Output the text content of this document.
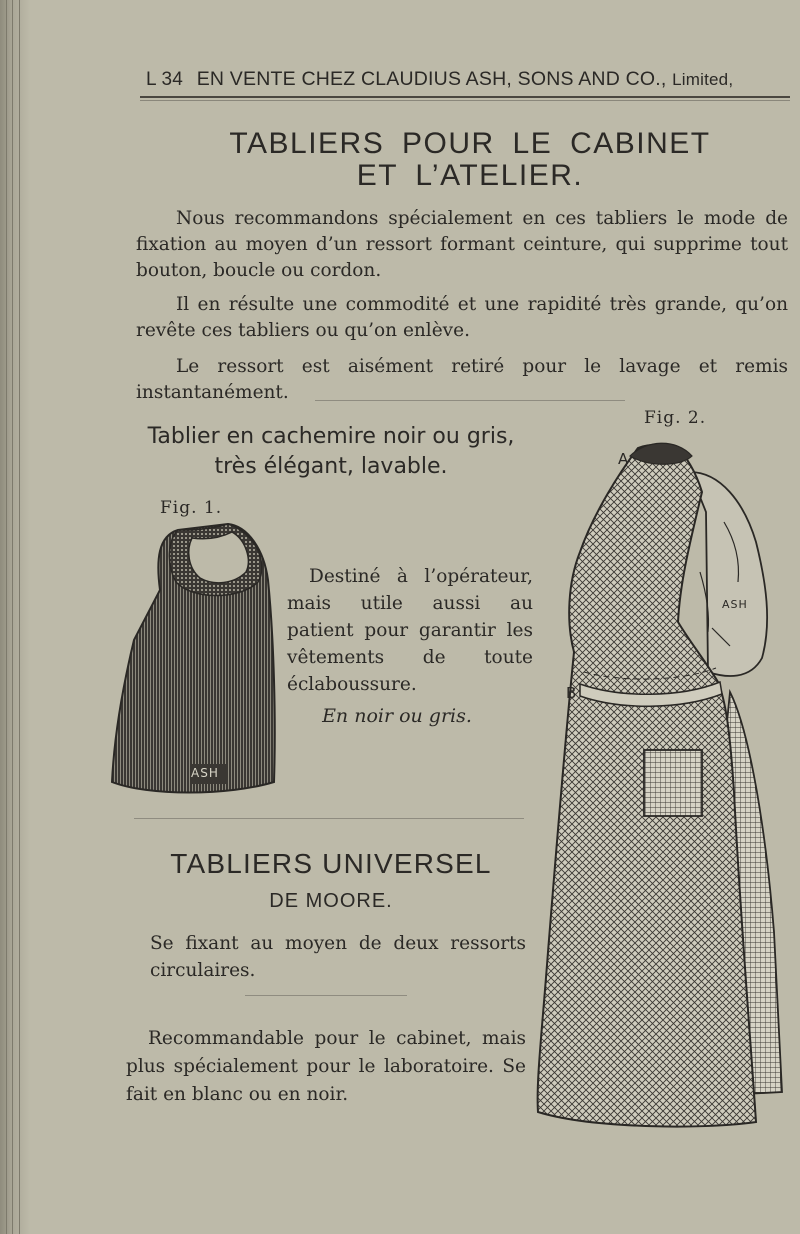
L 34 EN VENTE CHEZ CLAUDIUS ASH, SONS AND CO., Limited,
TABLIERS POUR LE CABINET
ET L’ATELIER.
Nous recommandons spécialement en ces tabliers le mode de fixation au moyen d’un ressort formant ceinture, qui supprime tout bouton, boucle ou cordon.
Il en résulte une commodité et une rapidité très grande, qu’on revête ces tabliers ou qu’on enlève.
Le ressort est aisément retiré pour le lavage et remis instantanément.
Tablier en cachemire noir ou gris,
très élégant, lavable.
Fig. 1.
ASH
Destiné à l’opérateur, mais utile aussi au patient pour garantir les vêtements de toute éclaboussure.
En noir ou gris.
TABLIERS UNIVERSEL
DE MOORE.
Se fixant au moyen de deux ressorts
circulaires.
Recommandable pour le cabinet, mais plus spécialement pour le laboratoire. Se fait en blanc ou en noir.
Fig. 2.
A
B
ASH
